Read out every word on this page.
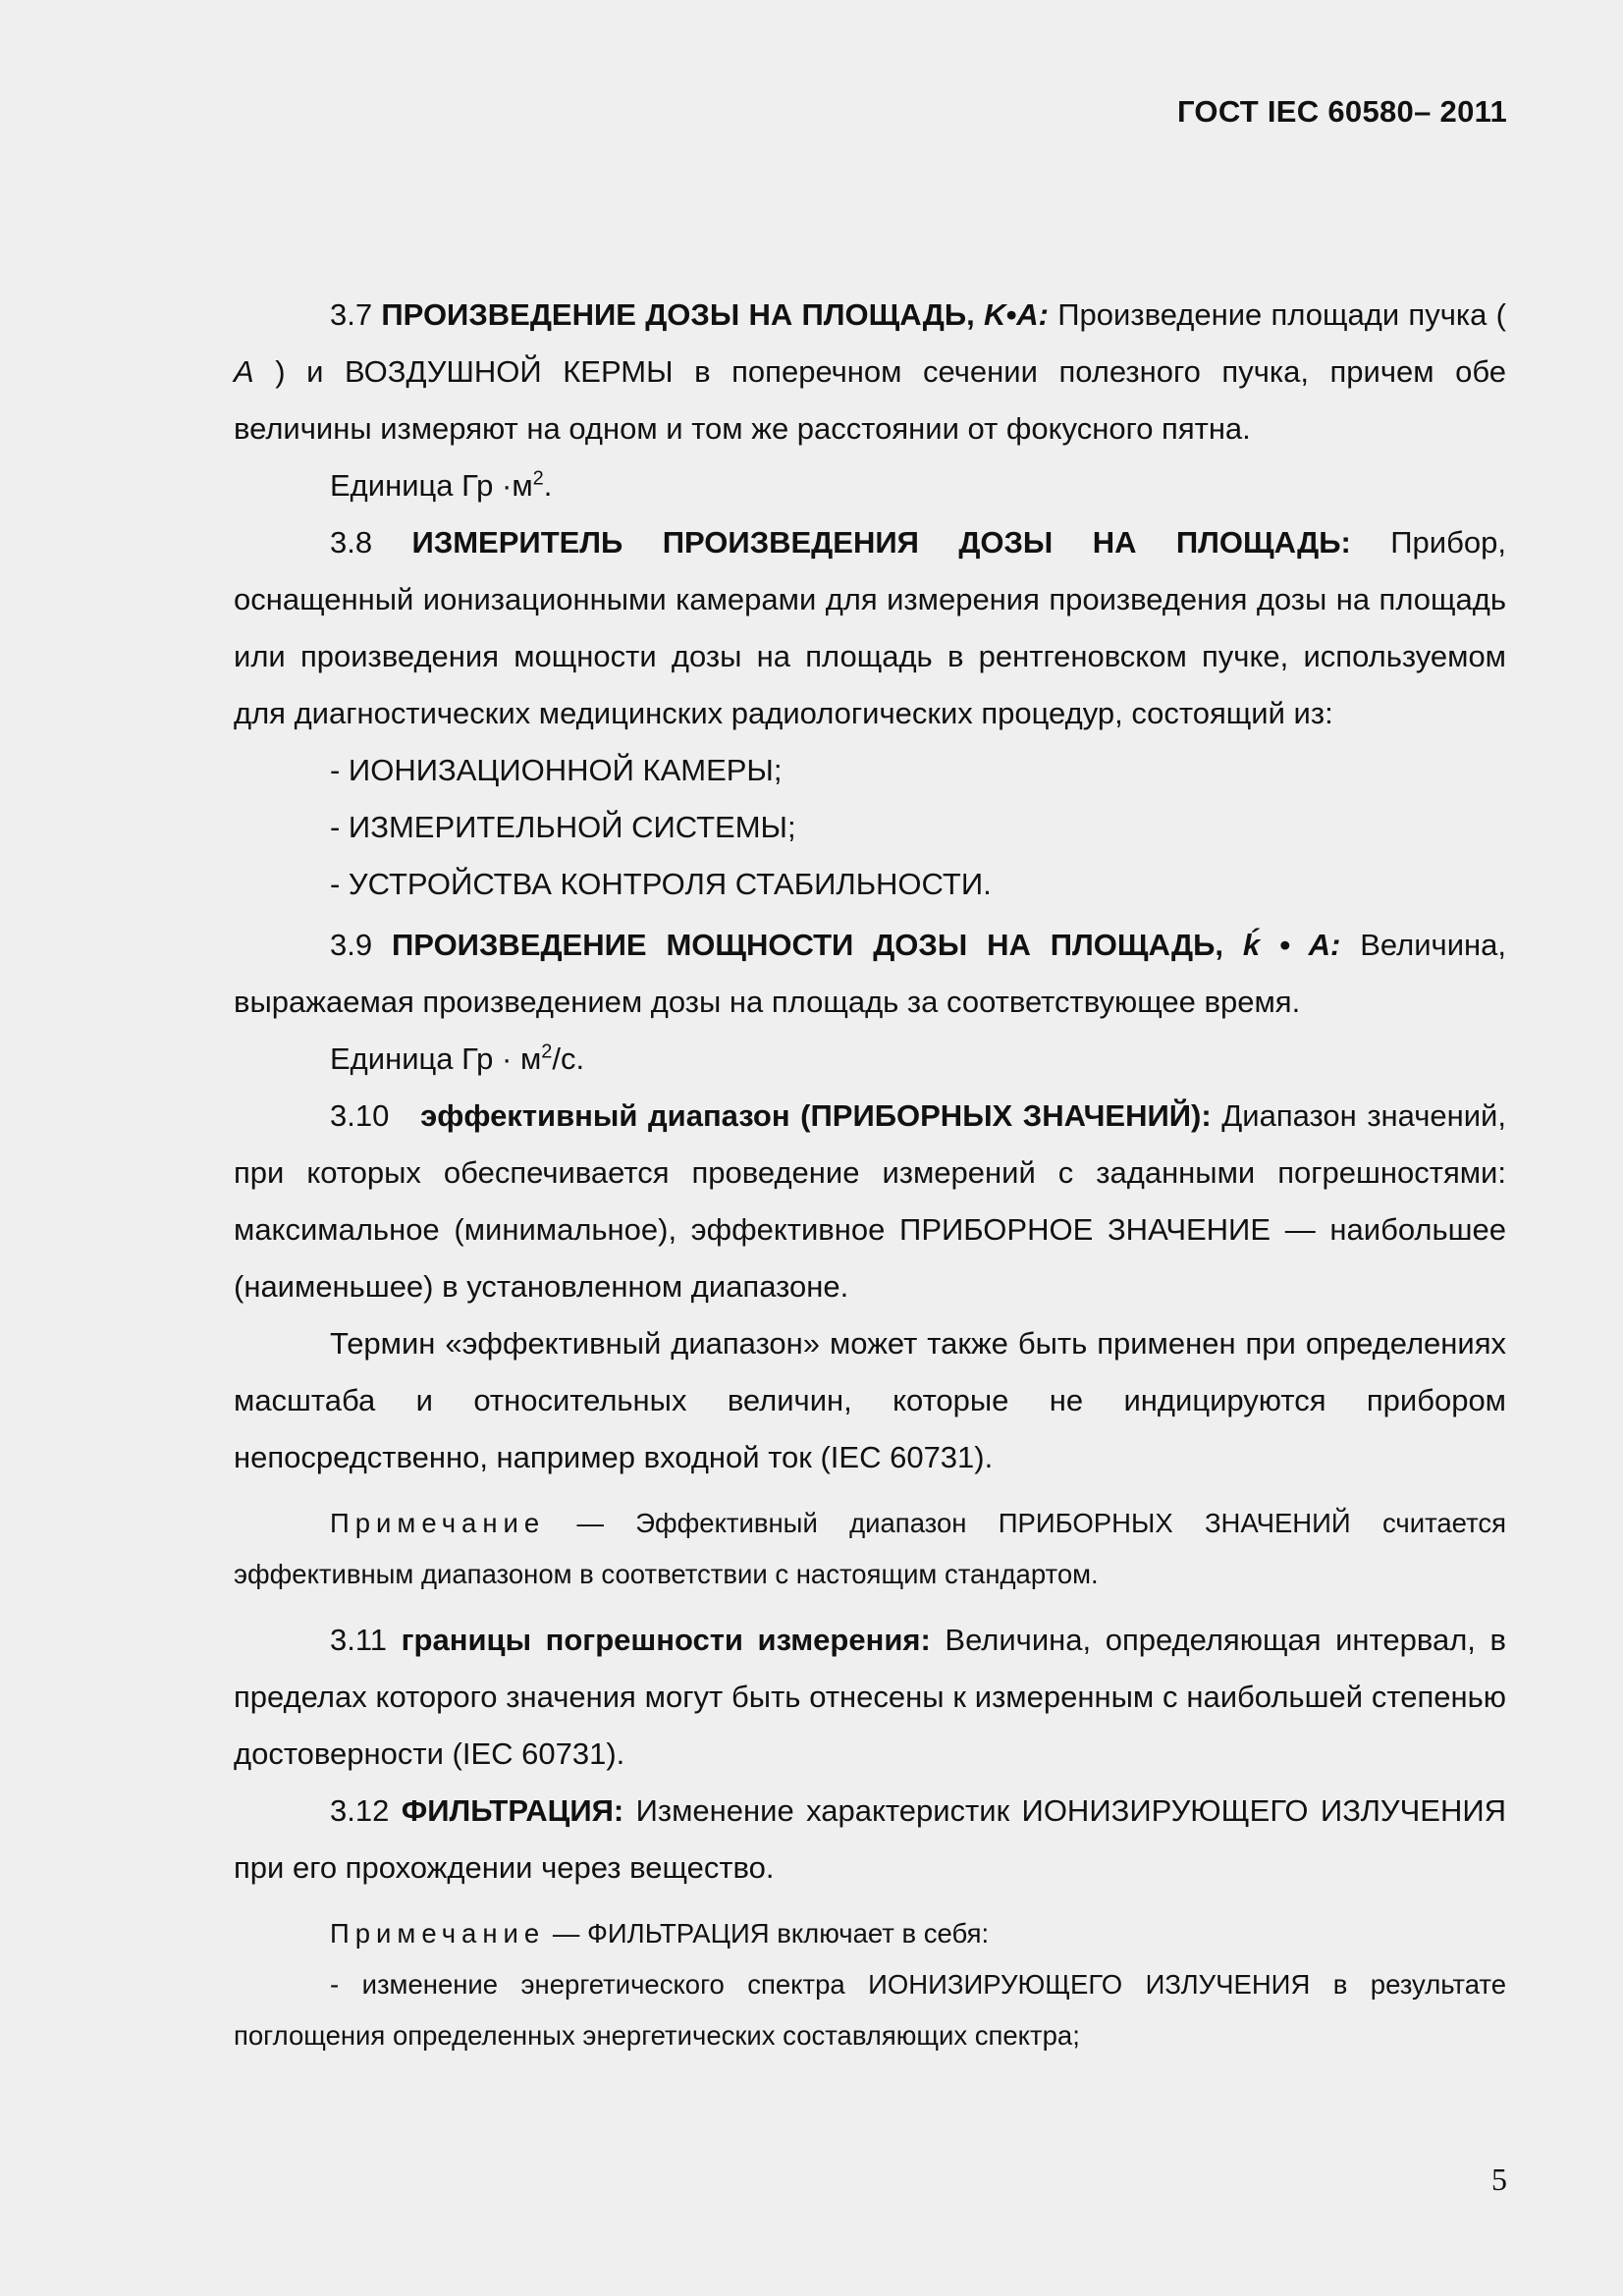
ГОСТ IEC 60580– 2011

3.7 ПРОИЗВЕДЕНИЕ ДОЗЫ НА ПЛОЩАДЬ, K•A: Произведение площади пучка ( A ) и ВОЗДУШНОЙ КЕРМЫ в поперечном сечении полезного пучка, причем обе величины измеряют на одном и том же расстоянии от фокусного пятна.

Единица Гр $\cdot м^2$.

3.8 ИЗМЕРИТЕЛЬ ПРОИЗВЕДЕНИЯ ДОЗЫ НА ПЛОЩАДЬ: Прибор, оснащенный ионизационными камерами для измерения произведения дозы на площадь или произведения мощности дозы на площадь в рентгеновском пучке, используемом для диагностических медицинских радиологических процедур, состоящий из:

- ИОНИЗАЦИОННОЙ КАМЕРЫ;

- ИЗМЕРИТЕЛЬНОЙ СИСТЕМЫ;

- УСТРОЙСТВА КОНТРОЛЯ СТАБИЛЬНОСТИ.

3.9 ПРОИЗВЕДЕНИЕ МОЩНОСТИ ДОЗЫ НА ПЛОЩАДЬ, ḱ • A: Величина, выражаемая произведением дозы на площадь за соответствующее время.

Единица Гр · $м^2/с$.

3.10 эффективный диапазон (ПРИБОРНЫХ ЗНАЧЕНИЙ): Диапазон значений, при которых обеспечивается проведение измерений с заданными погрешностями: максимальное (минимальное), эффективное ПРИБОРНОЕ ЗНАЧЕНИЕ — наибольшее (наименьшее) в установленном диапазоне.

Термин «эффективный диапазон» может также быть применен при определениях масштаба и относительных величин, которые не индицируются прибором непосредственно, например входной ток (IEC 60731).

Примечание — Эффективный диапазон ПРИБОРНЫХ ЗНАЧЕНИЙ считается эффективным диапазоном в соответствии с настоящим стандартом.

3.11 границы погрешности измерения: Величина, определяющая интервал, в пределах которого значения могут быть отнесены к измеренным с наибольшей степенью достоверности (IEC 60731).

3.12 ФИЛЬТРАЦИЯ: Изменение характеристик ИОНИЗИРУЮЩЕГО ИЗЛУЧЕНИЯ при его прохождении через вещество.

Примечание — ФИЛЬТРАЦИЯ включает в себя:

- изменение энергетического спектра ИОНИЗИРУЮЩЕГО ИЗЛУЧЕНИЯ в результате поглощения определенных энергетических составляющих спектра;

5
